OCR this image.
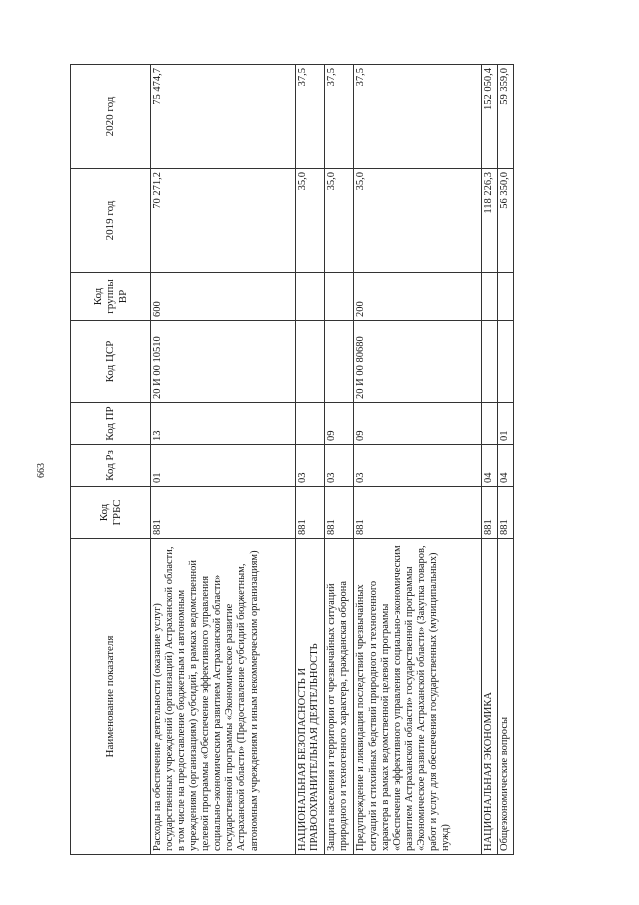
663
Наименование показателя	Код ГРБС	Код Рз	Код ПР	Код ЦСР	Код группы ВР	2019 год	2020 год
Расходы на обеспечение деятельности (оказание услуг) государственных учреждений (организаций) Астраханской области, в том числе на предоставление бюджетным и автономным учреждениям (организациям) субсидий, в рамках ведомственной целевой программы «Обеспечение эффективного управления социально-экономическим развитием Астраханской области» государственной программы «Экономическое развитие Астраханской области» (Предоставление субсидий бюджетным, автономным учреждениям и иным некоммерческим организациям)	881	01	13	20 И 00 10510	600	70 271,2	75 474,7
НАЦИОНАЛЬНАЯ БЕЗОПАСНОСТЬ И ПРАВООХРАНИТЕЛЬНАЯ ДЕЯТЕЛЬНОСТЬ	881	03				35,0	37,5
Защита населения и территории от чрезвычайных ситуаций природного и техногенного характера, гражданская оборона	881	03	09			35,0	37,5
Предупреждение и ликвидация последствий чрезвычайных ситуаций и стихийных бедствий природного и техногенного характера в рамках ведомственной целевой программы «Обеспечение эффективного управления социально-экономическим развитием Астраханской области» государственной программы «Экономическое развитие Астраханской области» (Закупка товаров, работ и услуг для обеспечения государственных (муниципальных) нужд)	881	03	09	20 И 00 80680	200	35,0	37,5
НАЦИОНАЛЬНАЯ ЭКОНОМИКА	881	04				118 226,3	152 050,4
Общеэкономические вопросы	881	04	01			56 350,0	59 359,0
